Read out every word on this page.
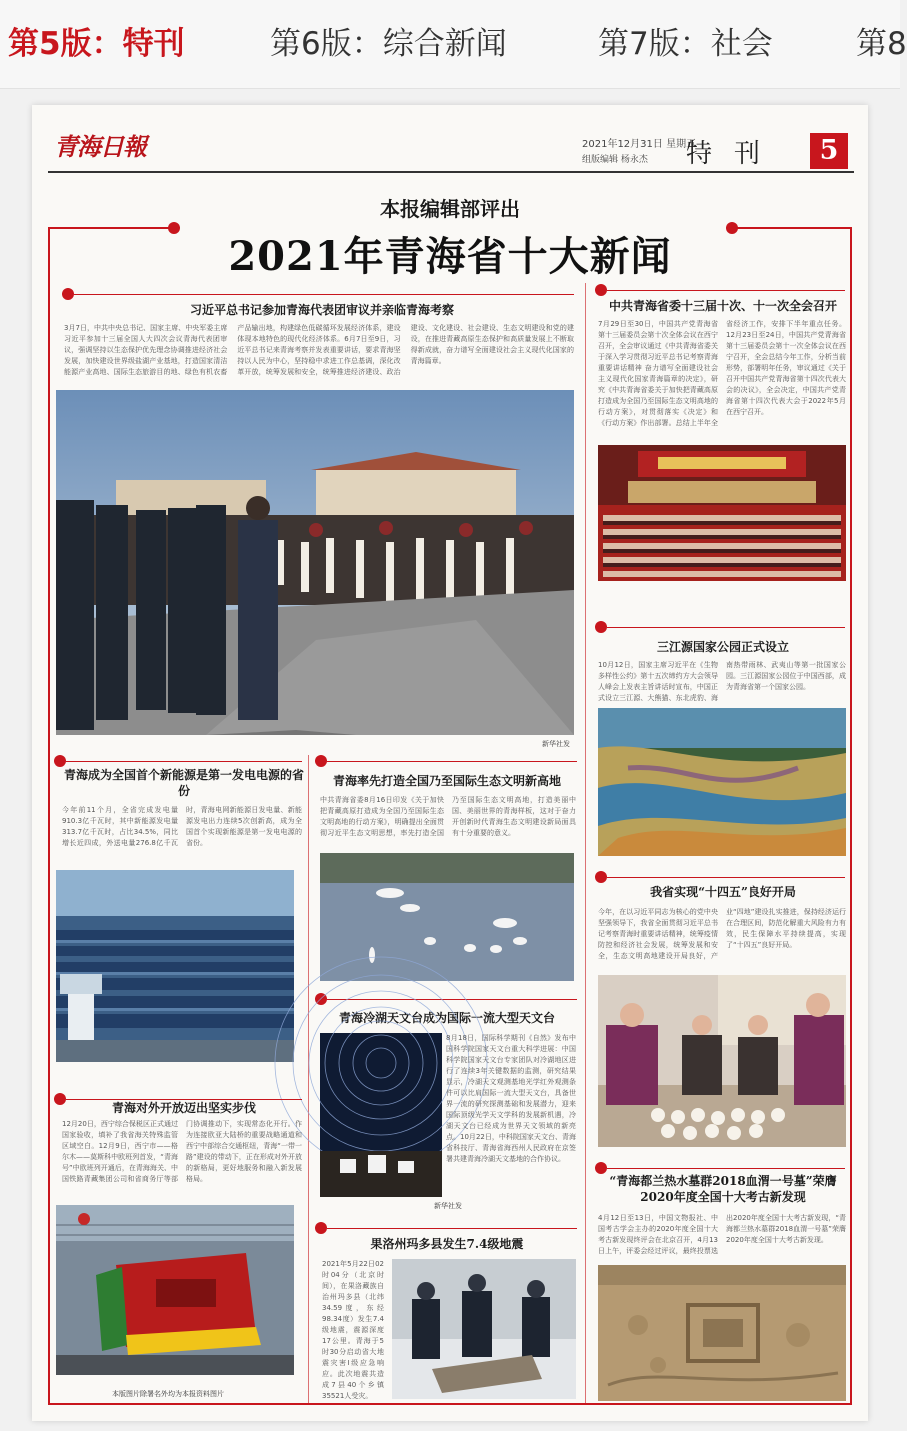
第5版：特刊	第6版：综合新闻	第7版：社会	第8
青海日報	2021年12月31日 星期五
组版编辑 杨永杰 特刊	5
本报编辑部评出
2021年青海省十大新闻
习近平总书记参加青海代表团审议并亲临青海考察
3月7日，中共中央总书记、国家主席、中央军委主席习近平参加十三届全国人大四次会议青海代表团审议，强调坚持以生态保护优先理念协调推进经济社会发展，加快建设世界级盐湖产业基地，打造国家清洁能源产业高地、国际生态旅游目的地、绿色有机农畜产品输出地，构建绿色低碳循环发展经济体系，建设体现本地特色的现代化经济体系。6月7日至9日，习近平总书记来青海考察并发表重要讲话，要求青海坚持以人民为中心，坚持稳中求进工作总基调，深化改革开放，统筹发展和安全，统筹推进经济建设、政治建设、文化建设、社会建设、生态文明建设和党的建设，在推进青藏高原生态保护和高质量发展上不断取得新成就，奋力谱写全面建设社会主义现代化国家的青海篇章。
新华社发
中共青海省委十三届十次、十一次全会召开
7月29日至30日，中国共产党青海省第十三届委员会第十次全体会议在西宁召开，全会审议通过《中共青海省委关于深入学习贯彻习近平总书记考察青海重要讲话精神 奋力谱写全面建设社会主义现代化国家青海篇章的决定》，研究《中共青海省委关于加快把青藏高原打造成为全国乃至国际生态文明高地的行动方案》，对贯彻落实《决定》和《行动方案》作出部署。总结上半年全省经济工作，安排下半年重点任务。12月23日至24日，中国共产党青海省第十三届委员会第十一次全体会议在西宁召开，全会总结今年工作，分析当前形势，部署明年任务，审议通过《关于召开中国共产党青海省第十四次代表大会的决议》，全会决定，中国共产党青海省第十四次代表大会于2022年5月在西宁召开。
三江源国家公园正式设立
10月12日，国家主席习近平在《生物多样性公约》第十五次缔约方大会领导人峰会上发表主旨讲话时宣布，中国正式设立三江源、大熊猫、东北虎豹、海南热带雨林、武夷山等第一批国家公园。三江源国家公园位于中国西部，成为青海省第一个国家公园。
青海成为全国首个新能源是第一发电电源的省份
今年前11个月，全省完成发电量910.3亿千瓦时，其中新能源发电量313.7亿千瓦时，占比34.5%，同比增长近四成，外送电量276.8亿千瓦时，青海电网新能源日发电量、新能源发电出力连续5次创新高，成为全国首个实现新能源是第一发电电源的省份。
青海率先打造全国乃至国际生态文明新高地
中共青海省委8月16日印发《关于加快把青藏高原打造成为全国乃至国际生态文明高地的行动方案》，明确提出全面贯彻习近平生态文明思想，率先打造全国乃至国际生态文明高地，打造美丽中国、美丽世界的青海样板，这对于奋力开创新时代青海生态文明建设新局面具有十分重要的意义。
我省实现“十四五”良好开局
今年，在以习近平同志为核心的党中央坚强领导下，我省全面贯彻习近平总书记考察青海时重要讲话精神，统筹疫情防控和经济社会发展，统筹发展和安全，生态文明高地建设开局良好，产业“四地”建设扎实推进，保持经济运行在合理区间，防范化解重大风险有力有效，民生保障水平持续提高，实现了“十四五”良好开局。
青海冷湖天文台成为国际一流大型天文台
8月18日，国际科学期刊《自然》发布中国科学院国家天文台重大科学进展：中国科学院国家天文台专家团队对冷湖地区进行了连续3年关键数据的监测，研究结果显示，冷湖天文观测基地光学红外观测条件可以比肩国际一流大型天文台，具备世界一流的研究探测基础和发展潜力，迎来国际顶级光学天文学科的发展新机遇，冷湖天文台已经成为世界天文领域的新亮点。10月22日，中科院国家天文台、青海省科技厅、青海省海西州人民政府在京签署共建青海冷湖天文基地的合作协议。
新华社发
青海对外开放迈出坚实步伐
12月20日，西宁综合保税区正式通过国家验收，填补了我省海关特殊监管区域空白。12月9日，西宁市——格尔木——莫斯科中欧班列首发，“青海号”中欧班列开通后，在青海海关、中国铁路青藏集团公司和省商务厅等部门协调推动下，实现常态化开行。作为连接欧亚大陆桥的重要战略通道和西宁中部综合交通枢纽，青海“一带一路”建设的带动下，正在形成对外开放的新格局，更好地服务和融入新发展格局。
本版图片除署名外均为本报资料图片
果洛州玛多县发生7.4级地震
2021年5月22日02时04分（北京时间），在果洛藏族自治州玛多县（北纬34.59度，东经98.34度）发生7.4级地震，震源深度17公里。青海于5时30分启动省大地震灾害Ⅰ级应急响应。此次地震共造成7县40个乡镇35521人受灾。
“青海都兰热水墓群2018血渭一号墓”荣膺2020年度全国十大考古新发现
4月12日至13日，中国文物报社、中国考古学会主办的2020年度全国十大考古新发现终评会在北京召开，4月13日上午，评委会经过评议，最终投票选出2020年度全国十大考古新发现，“青海都兰热水墓群2018血渭一号墓”荣膺2020年度全国十大考古新发现。
